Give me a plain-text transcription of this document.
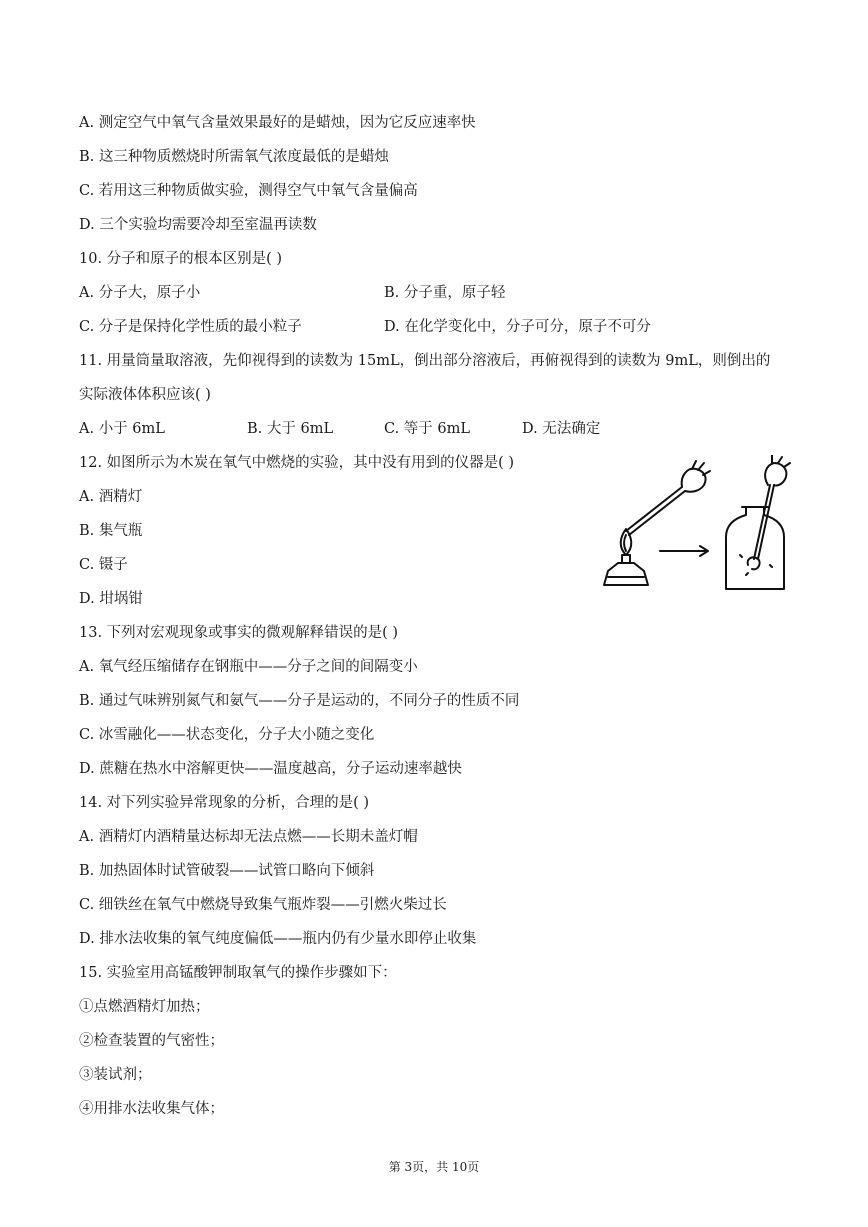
A. 测定空气中氧气含量效果最好的是蜡烛，因为它反应速率快
B. 这三种物质燃烧时所需氧气浓度最低的是蜡烛
C. 若用这三种物质做实验，测得空气中氧气含量偏高
D. 三个实验均需要冷却至室温再读数
10. 分子和原子的根本区别是( )
A. 分子大，原子小	B. 分子重，原子轻
C. 分子是保持化学性质的最小粒子	D. 在化学变化中，分子可分，原子不可分
11. 用量筒量取溶液，先仰视得到的读数为 15mL，倒出部分溶液后，再俯视得到的读数为 9mL，则倒出的
实际液体体积应该( )
A. 小于 6mL	B. 大于 6mL	C. 等于 6mL	D. 无法确定
12. 如图所示为木炭在氧气中燃烧的实验，其中没有用到的仪器是( )
A. 酒精灯
B. 集气瓶
C. 镊子
D. 坩埚钳
13. 下列对宏观现象或事实的微观解释错误的是( )
A. 氧气经压缩储存在钢瓶中——分子之间的间隔变小
B. 通过气味辨别氮气和氨气——分子是运动的，不同分子的性质不同
C. 冰雪融化——状态变化，分子大小随之变化
D. 蔗糖在热水中溶解更快——温度越高，分子运动速率越快
14. 对下列实验异常现象的分析，合理的是( )
A. 酒精灯内酒精量达标却无法点燃——长期未盖灯帽
B. 加热固体时试管破裂——试管口略向下倾斜
C. 细铁丝在氧气中燃烧导致集气瓶炸裂——引燃火柴过长
D. 排水法收集的氧气纯度偏低——瓶内仍有少量水即停止收集
15. 实验室用高锰酸钾制取氧气的操作步骤如下：
①点燃酒精灯加热；
②检查装置的气密性；
③装试剂；
④用排水法收集气体；
第 3页，共 10页
